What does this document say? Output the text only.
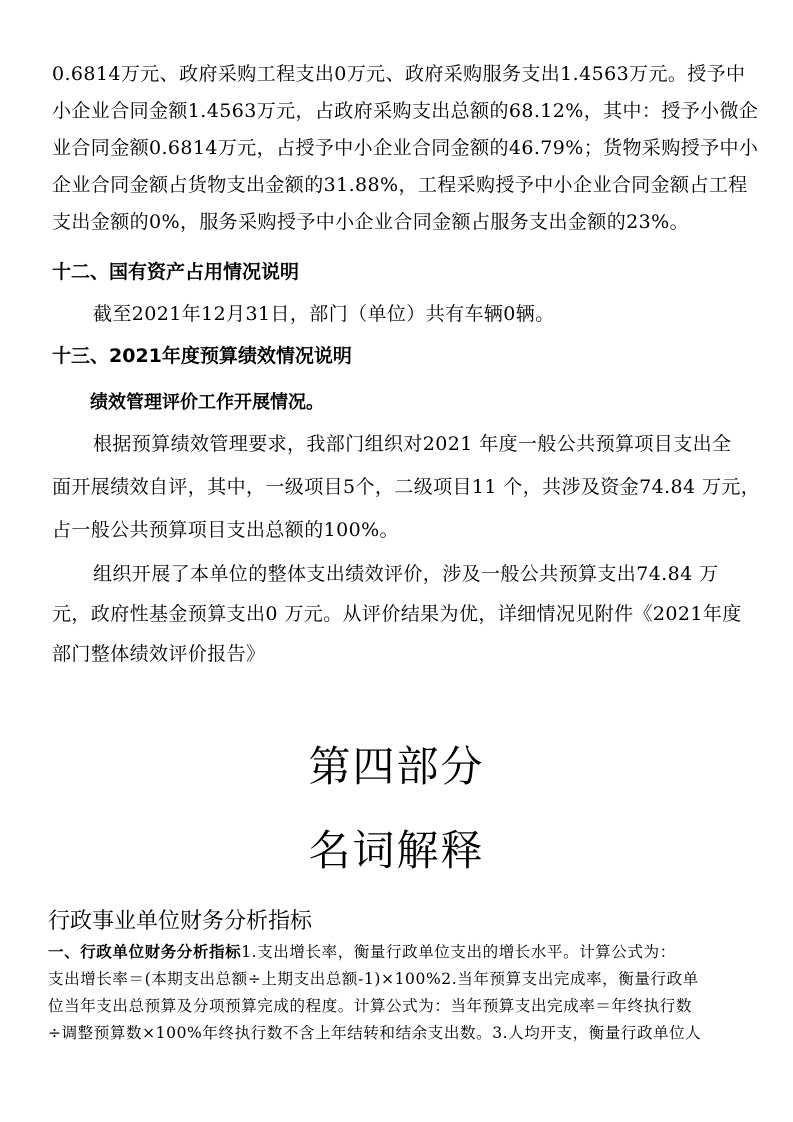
0.6814万元、政府采购工程支出0万元、政府采购服务支出1.4563万元。授予中
小企业合同金额1.4563万元，占政府采购支出总额的68.12%，其中：授予小微企
业合同金额0.6814万元，占授予中小企业合同金额的46.79%；货物采购授予中小
企业合同金额占货物支出金额的31.88%，工程采购授予中小企业合同金额占工程
支出金额的0%，服务采购授予中小企业合同金额占服务支出金额的23%。
十二、国有资产占用情况说明
截至2021年12月31日，部门（单位）共有车辆0辆。
十三、2021年度预算绩效情况说明
绩效管理评价工作开展情况。
根据预算绩效管理要求，我部门组织对2021 年度一般公共预算项目支出全
面开展绩效自评，其中，一级项目5个，二级项目11 个，共涉及资金74.84 万元，
占一般公共预算项目支出总额的100%。
组织开展了本单位的整体支出绩效评价，涉及一般公共预算支出74.84 万
元，政府性基金预算支出0 万元。从评价结果为优，详细情况见附件《2021年度
部门整体绩效评价报告》
第四部分
名词解释
行政事业单位财务分析指标
一、行政单位财务分析指标1.支出增长率，衡量行政单位支出的增长水平。计算公式为：
支出增长率＝(本期支出总额÷上期支出总额-1)×100%2.当年预算支出完成率，衡量行政单
位当年支出总预算及分项预算完成的程度。计算公式为：当年预算支出完成率＝年终执行数
÷调整预算数×100%年终执行数不含上年结转和结余支出数。3.人均开支，衡量行政单位人
